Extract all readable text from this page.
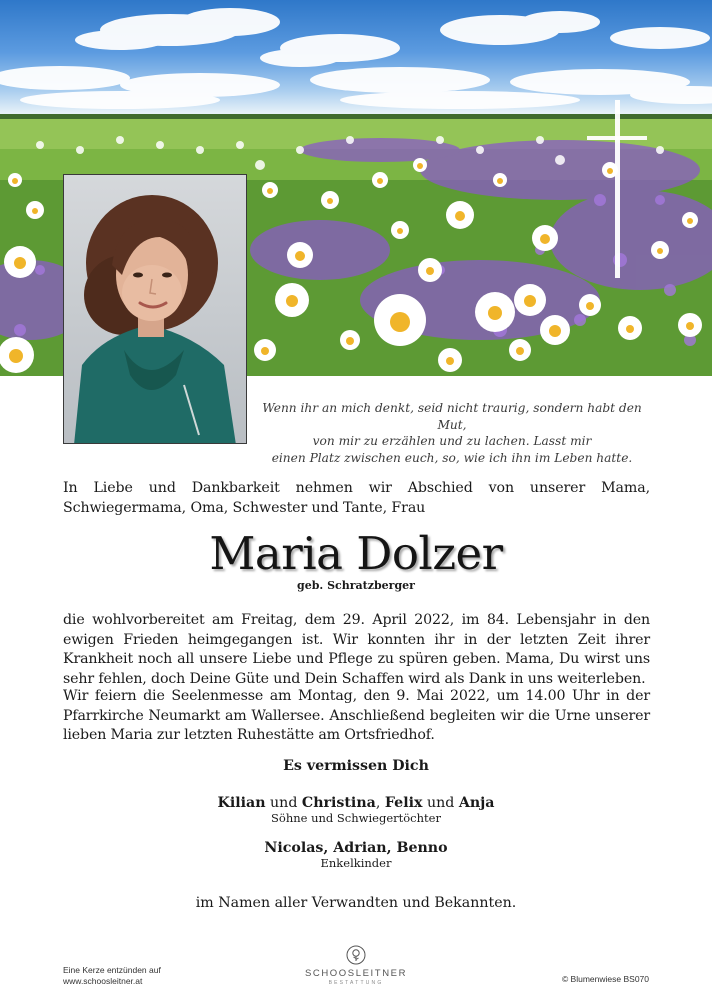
Wenn ihr an mich denkt, seid nicht traurig, sondern habt den Mut,
von mir zu erzählen und zu lachen. Lasst mir
einen Platz zwischen euch, so, wie ich ihn im Leben hatte.
In Liebe und Dankbarkeit nehmen wir Abschied von unserer Mama, Schwiegermama, Oma, Schwester und Tante, Frau
Maria Dolzer
geb. Schratzberger
die wohlvorbereitet am Freitag, dem 29. April 2022, im 84. Lebensjahr in den ewigen Frieden heimgegangen ist. Wir konnten ihr in der letzten Zeit ihrer Krankheit noch all unsere Liebe und Pflege zu spüren geben. Mama, Du wirst uns sehr fehlen, doch Deine Güte und Dein Schaffen wird als Dank in uns weiterleben.
Wir feiern die Seelenmesse am Montag, den 9. Mai 2022, um 14.00 Uhr in der Pfarrkirche Neumarkt am Wallersee. Anschließend begleiten wir die Urne unserer lieben Maria zur letzten Ruhestätte am Ortsfriedhof.
Es vermissen Dich
Kilian und Christina, Felix und Anja
Söhne und Schwiegertöchter
Nicolas, Adrian, Benno
Enkelkinder
im Namen aller Verwandten und Bekannten.
Eine Kerze entzünden auf
www.schoosleitner.at
SCHOOSLEITNER
BESTATTUNG	© Blumenwiese BS070
